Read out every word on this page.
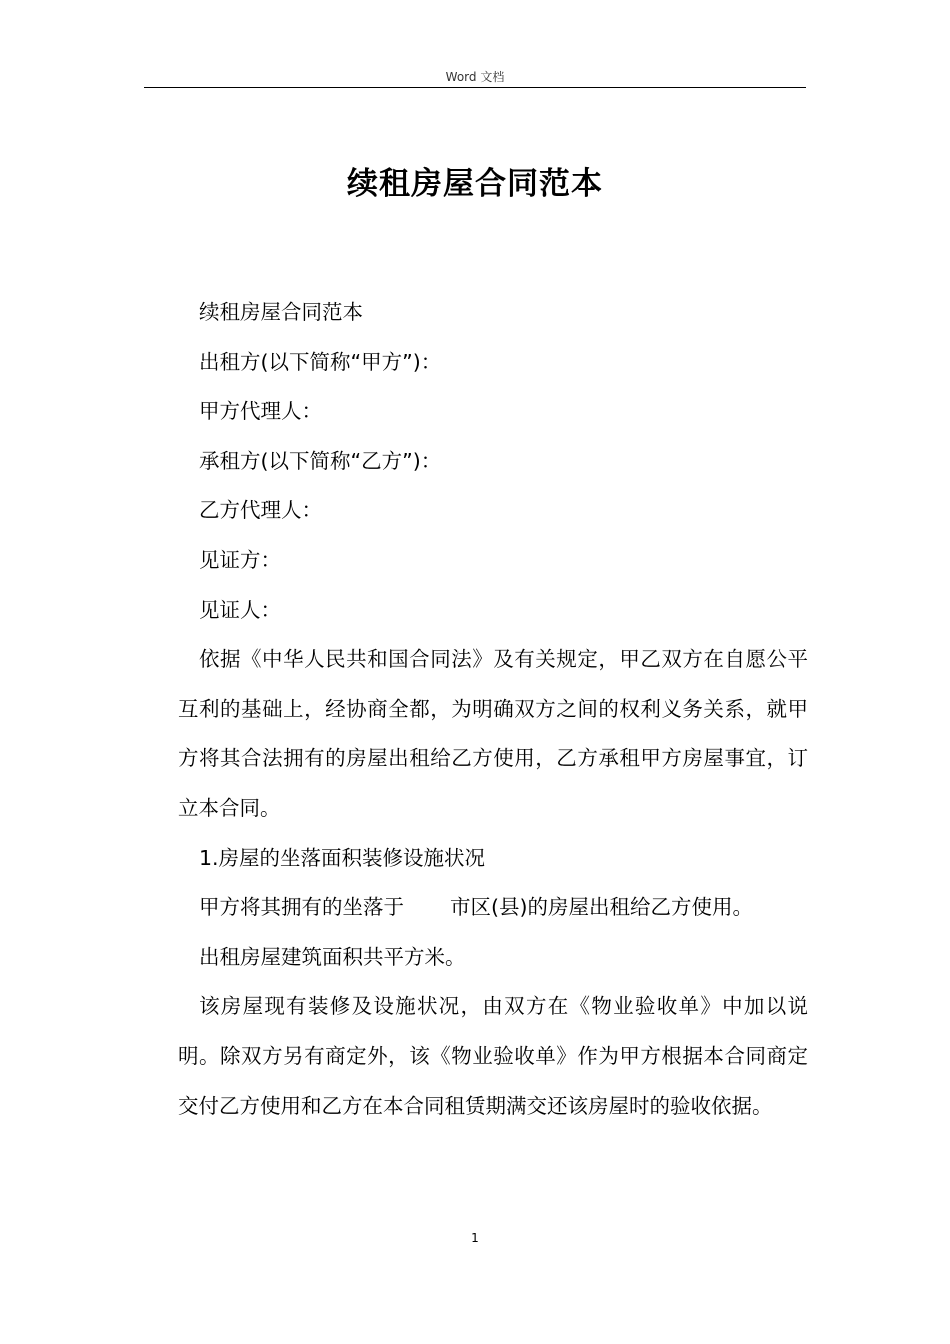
Word 文档
续租房屋合同范本

续租房屋合同范本

出租方(以下简称“甲方”)：

甲方代理人：

承租方(以下简称“乙方”)：

乙方代理人：

见证方：

见证人：

依据《中华人民共和国合同法》及有关规定，甲乙双方在自愿公平互利的基础上，经协商全都，为明确双方之间的权利义务关系，就甲方将其合法拥有的房屋出租给乙方使用，乙方承租甲方房屋事宜，订立本合同。

1.房屋的坐落面积装修设施状况

甲方将其拥有的坐落于 市区(县)的房屋出租给乙方使用。

出租房屋建筑面积共平方米。

该房屋现有装修及设施状况，由双方在《物业验收单》中加以说明。除双方另有商定外，该《物业验收单》作为甲方根据本合同商定交付乙方使用和乙方在本合同租赁期满交还该房屋时的验收依据。

1
